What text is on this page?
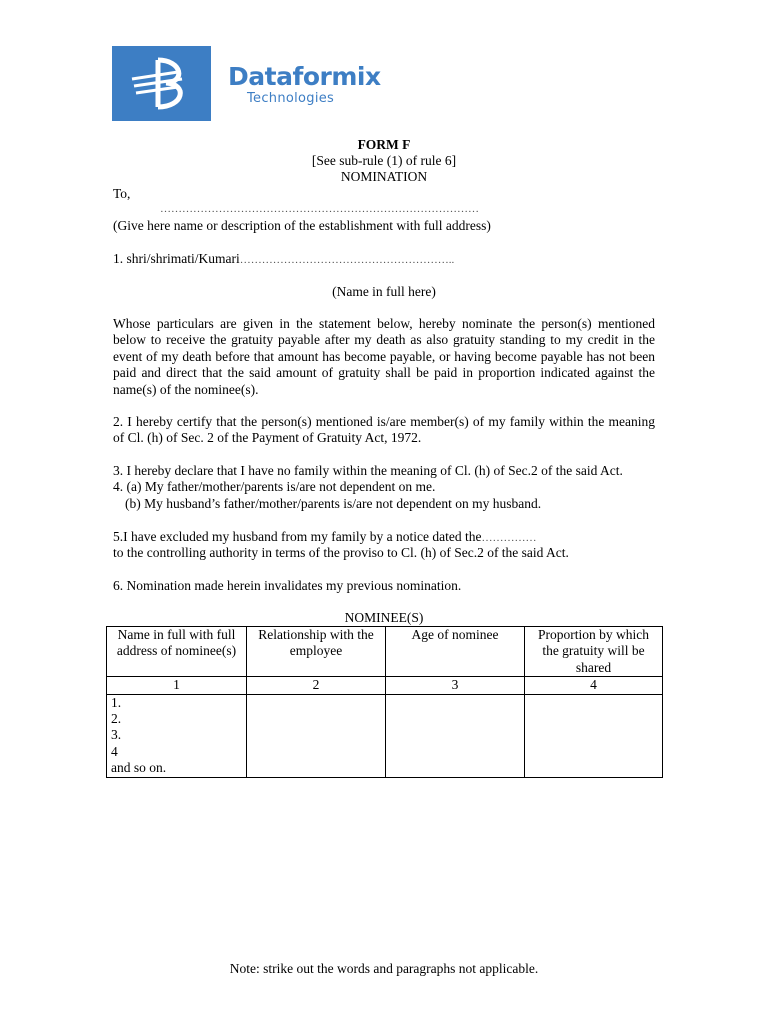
Dataformix
Technologies
FORM F
[See sub-rule (1) of rule 6]
NOMINATION
To,
……………………………………………………………………………
(Give here name or description of the establishment with full address)
1. shri/shrimati/Kumari…………………………………………………..
(Name in full here)
Whose particulars are given in the statement below, hereby nominate the person(s) mentioned below to receive the gratuity payable after my death as also gratuity standing to my credit in the event of my death before that amount has become payable, or having become payable has not been paid and direct that the said amount of gratuity shall be paid in proportion indicated against the name(s) of the nominee(s).
2. I hereby certify that the person(s) mentioned is/are member(s) of my family within the meaning of Cl. (h) of Sec. 2 of the Payment of Gratuity Act, 1972.
3. I hereby declare that I have no family within the meaning of Cl. (h) of Sec.2 of the said Act.
4. (a) My father/mother/parents is/are not dependent on me.
(b) My husband’s father/mother/parents is/are not dependent on my husband.
5.I have excluded my husband from my family by a notice dated the……………
to the controlling authority in terms of the proviso to Cl. (h) of Sec.2 of the said Act.
6. Nomination made herein invalidates my previous nomination.
NOMINEE(S)
Name in full with full address of nominee(s)	Relationship with the employee	Age of nominee	Proportion by which the gratuity will be shared
1	2	3	4

1.
2.
3.
4
and so on.			

Note: strike out the words and paragraphs not applicable.
